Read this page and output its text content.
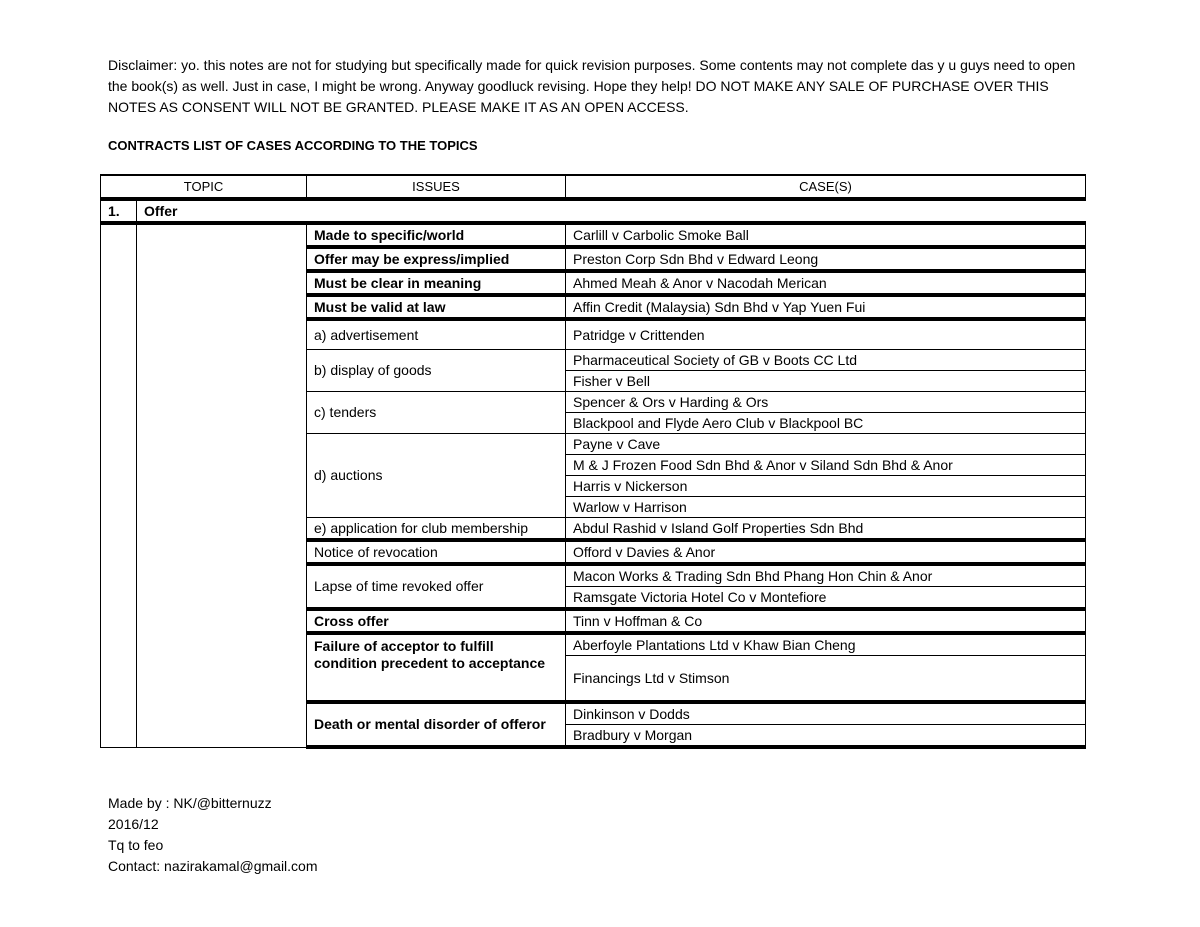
Disclaimer: yo. this notes are not for studying but specifically made for quick revision purposes. Some contents may not complete das y u guys need to open the book(s) as well. Just in case, I might be wrong. Anyway goodluck revising. Hope they help! DO NOT MAKE ANY SALE OF PURCHASE OVER THIS NOTES AS CONSENT WILL NOT BE GRANTED. PLEASE MAKE IT AS AN OPEN ACCESS.
CONTRACTS LIST OF CASES ACCORDING TO THE TOPICS
TOPIC		ISSUES	CASE(S)
1.	Offer		
		Made to specific/world	Carlill v Carbolic Smoke Ball
		Offer may be express/implied	Preston Corp Sdn Bhd v Edward Leong
		Must be clear in meaning	Ahmed Meah & Anor v Nacodah Merican
		Must be valid at law	Affin Credit (Malaysia) Sdn Bhd v Yap Yuen Fui
		a) advertisement	Patridge v Crittenden
		b) display of goods	Pharmaceutical Society of GB v Boots CC Ltd
			Fisher v Bell
		c) tenders	Spencer & Ors v Harding & Ors
			Blackpool and Flyde Aero Club v Blackpool BC
		d) auctions	Payne v Cave
			M & J Frozen Food Sdn Bhd & Anor v Siland Sdn Bhd & Anor
			Harris v Nickerson
			Warlow v Harrison
		e) application for club membership	Abdul Rashid v Island Golf Properties Sdn Bhd
		Notice of revocation	Offord v Davies & Anor
		Lapse of time revoked offer	Macon Works & Trading Sdn Bhd Phang Hon Chin & Anor
			Ramsgate Victoria Hotel Co v Montefiore
		Cross offer	Tinn v Hoffman & Co
		Failure of acceptor to fulfill condition precedent to acceptance	Aberfoyle Plantations Ltd v Khaw Bian Cheng
			Financings Ltd v Stimson
		Death or mental disorder of offeror	Dinkinson v Dodds
			Bradbury v Morgan
Made by : NK/@bitternuzz
2016/12
Tq to feo
Contact: nazirakamal@gmail.com
